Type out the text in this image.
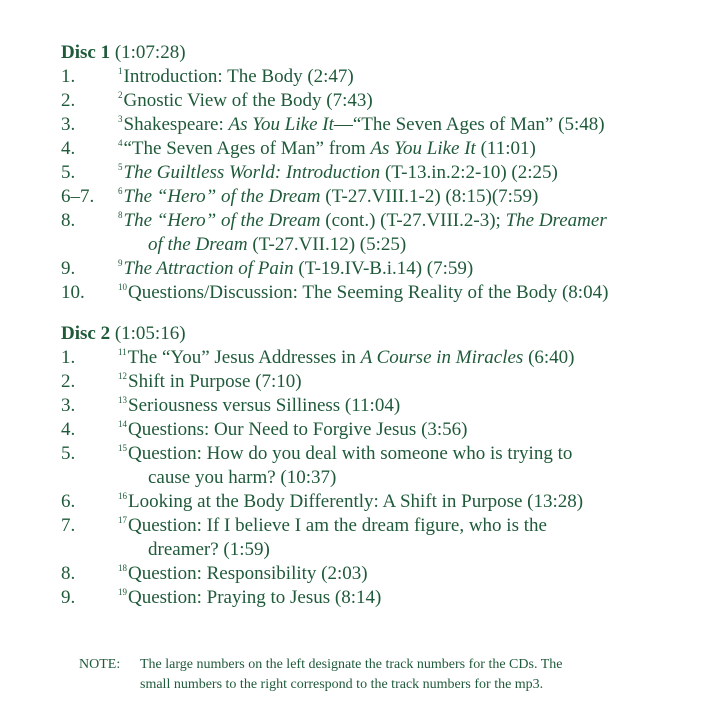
Disc 1 (1:07:28)
1.	$^1$Introduction: The Body (2:47)
2.	$^2$Gnostic View of the Body (7:43)
3.	$^3$Shakespeare: As You Like It—“The Seven Ages of Man” (5:48)
4.	$^4$“The Seven Ages of Man” from As You Like It (11:01)
5.	$^5$The Guiltless World: Introduction (T-13.in.2:2-10) (2:25)
6–7.	$^6$The “Hero” of the Dream (T-27.VIII.1-2) (8:15)(7:59)
8.	$^8$The “Hero” of the Dream (cont.) (T-27.VIII.2-3); The Dreamer
of the Dream (T-27.VII.12) (5:25)
9.	$^9$The Attraction of Pain (T-19.IV-B.i.14) (7:59)
10.	$^{10}$Questions/Discussion: The Seeming Reality of the Body (8:04)
Disc 2 (1:05:16)
1.	$^{11}$The “You” Jesus Addresses in A Course in Miracles (6:40)
2.	$^{12}$Shift in Purpose (7:10)
3.	$^{13}$Seriousness versus Silliness (11:04)
4.	$^{14}$Questions: Our Need to Forgive Jesus (3:56)
5.	$^{15}$Question: How do you deal with someone who is trying to
cause you harm? (10:37)
6.	$^{16}$Looking at the Body Differently: A Shift in Purpose (13:28)
7.	$^{17}$Question: If I believe I am the dream figure, who is the
dreamer? (1:59)
8.	$^{18}$Question: Responsibility (2:03)
9.	$^{19}$Question: Praying to Jesus (8:14)
NOTE: The large numbers on the left designate the track numbers for the CDs. The
small numbers to the right correspond to the track numbers for the mp3.
